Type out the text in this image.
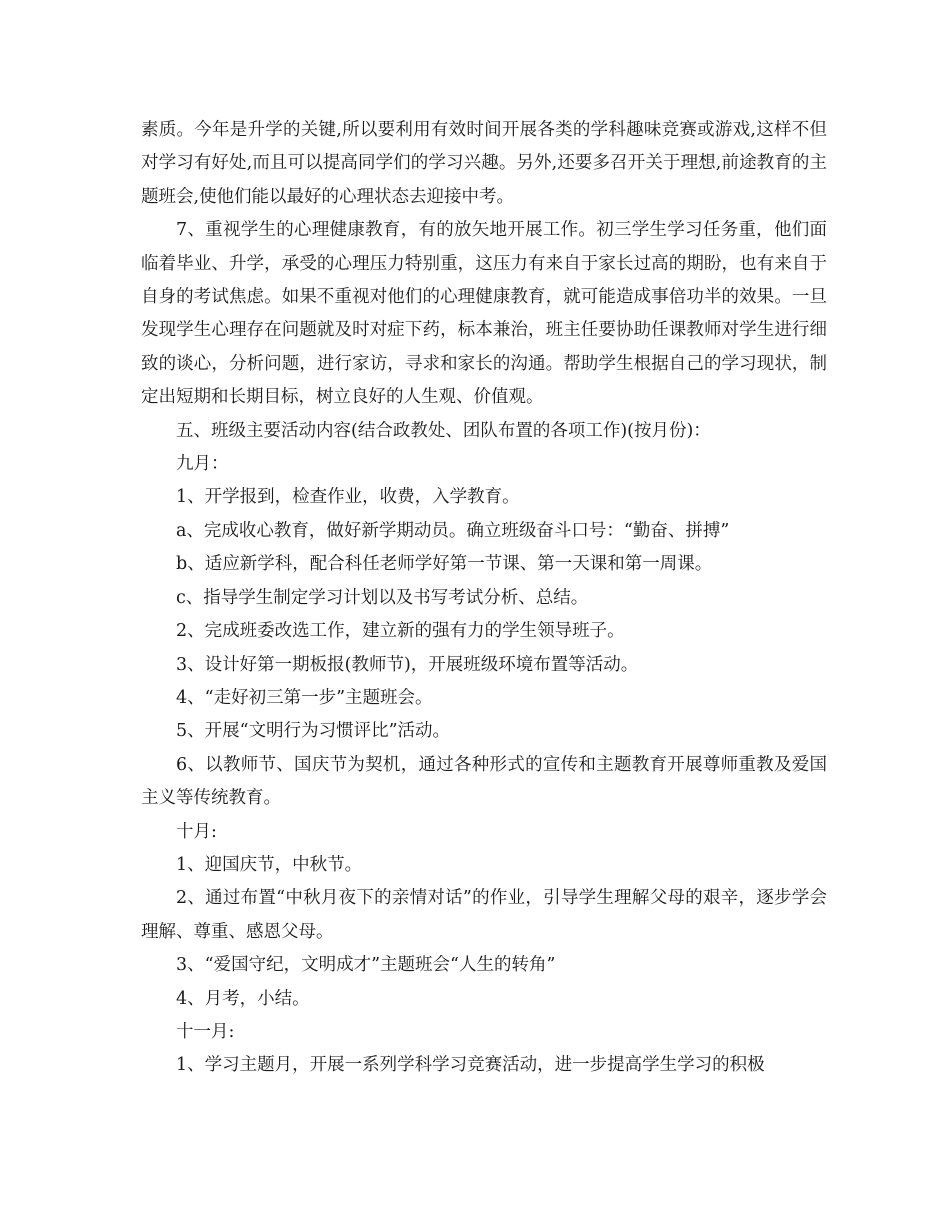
素质。今年是升学的关键,所以要利用有效时间开展各类的学科趣味竞赛或游戏,这样不但对学习有好处,而且可以提高同学们的学习兴趣。另外,还要多召开关于理想,前途教育的主题班会,使他们能以最好的心理状态去迎接中考。

7、重视学生的心理健康教育，有的放矢地开展工作。初三学生学习任务重，他们面临着毕业、升学，承受的心理压力特别重，这压力有来自于家长过高的期盼，也有来自于自身的考试焦虑。如果不重视对他们的心理健康教育，就可能造成事倍功半的效果。一旦发现学生心理存在问题就及时对症下药，标本兼治，班主任要协助任课教师对学生进行细致的谈心，分析问题，进行家访，寻求和家长的沟通。帮助学生根据自己的学习现状，制定出短期和长期目标，树立良好的人生观、价值观。

五、班级主要活动内容(结合政教处、团队布置的各项工作)(按月份)：

九月：

1、开学报到，检查作业，收费，入学教育。

a、完成收心教育，做好新学期动员。确立班级奋斗口号：“勤奋、拼搏”

b、适应新学科，配合科任老师学好第一节课、第一天课和第一周课。

c、指导学生制定学习计划以及书写考试分析、总结。

2、完成班委改选工作，建立新的强有力的学生领导班子。

3、设计好第一期板报(教师节)，开展班级环境布置等活动。

4、“走好初三第一步”主题班会。

5、开展“文明行为习惯评比”活动。

6、以教师节、国庆节为契机，通过各种形式的宣传和主题教育开展尊师重教及爱国主义等传统教育。

十月:

1、迎国庆节，中秋节。

2、通过布置“中秋月夜下的亲情对话”的作业，引导学生理解父母的艰辛，逐步学会理解、尊重、感恩父母。

3、“爱国守纪，文明成才”主题班会“人生的转角”

4、月考，小结。

十一月:

1、学习主题月，开展一系列学科学习竞赛活动，进一步提高学生学习的积极
